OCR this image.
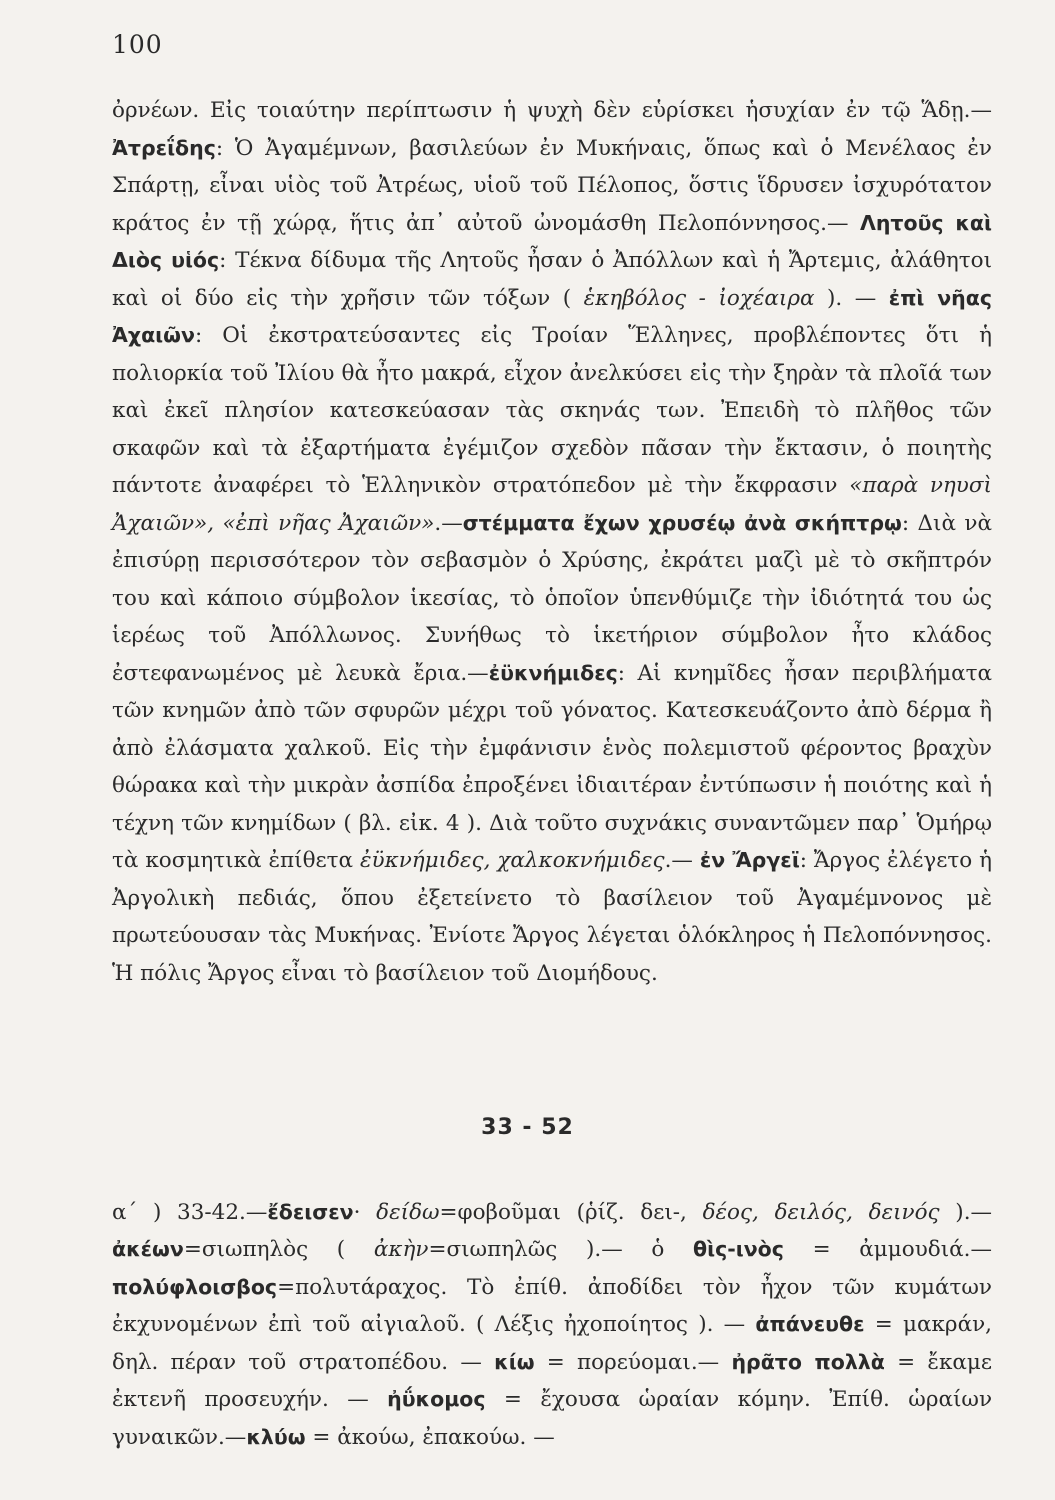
100

ὀρνέων. Εἰς τοιαύτην περίπτωσιν ἡ ψυχὴ δὲν εὑρίσκει ἡσυχίαν ἐν τῷ Ἅδῃ.—Ἀτρεΐδης: Ὁ Ἀγαμέμνων, βασιλεύων ἐν Μυκήναις, ὅπως καὶ ὁ Μενέλαος ἐν Σπάρτῃ, εἶναι υἱὸς τοῦ Ἀτρέως, υἱοῦ τοῦ Πέλοπος, ὅστις ἵδρυσεν ἰσχυρότατον κράτος ἐν τῇ χώρᾳ, ἥτις ἀπ᾽ αὐτοῦ ὠνομάσθη Πελοπόννησος.— Λητοῦς καὶ Διὸς υἱός: Τέκνα δίδυμα τῆς Λητοῦς ἦσαν ὁ Ἀπόλλων καὶ ἡ Ἄρτεμις, ἀλάθητοι καὶ οἱ δύο εἰς τὴν χρῆσιν τῶν τόξων ( ἑκηβόλος - ἰοχέαιρα ). — ἐπὶ νῆας Ἀχαιῶν: Οἱ ἐκστρατεύσαντες εἰς Τροίαν Ἕλληνες, προβλέποντες ὅτι ἡ πολιορκία τοῦ Ἰλίου θὰ ἦτο μακρά, εἶχον ἀνελκύσει εἰς τὴν ξηρὰν τὰ πλοῖά των καὶ ἐκεῖ πλησίον κατεσκεύασαν τὰς σκηνάς των. Ἐπειδὴ τὸ πλῆθος τῶν σκαφῶν καὶ τὰ ἐξαρτήματα ἐγέμιζον σχεδὸν πᾶσαν τὴν ἔκτασιν, ὁ ποιητὴς πάντοτε ἀναφέρει τὸ Ἑλληνικὸν στρατόπεδον μὲ τὴν ἔκφρασιν «παρὰ νηυσὶ Ἀχαιῶν», «ἐπὶ νῆας Ἀχαιῶν».—στέμματα ἔχων χρυσέῳ ἀνὰ σκήπτρῳ: Διὰ νὰ ἐπισύρῃ περισσότερον τὸν σεβασμὸν ὁ Χρύσης, ἐκράτει μαζὶ μὲ τὸ σκῆπτρόν του καὶ κάποιο σύμβολον ἱκεσίας, τὸ ὁποῖον ὑπενθύμιζε τὴν ἰδιότητά του ὡς ἱερέως τοῦ Ἀπόλλωνος. Συνήθως τὸ ἱκετήριον σύμβολον ἦτο κλάδος ἐστεφανωμένος μὲ λευκὰ ἔρια.—ἐϋκνήμιδες: Αἱ κνημῖδες ἦσαν περιβλήματα τῶν κνημῶν ἀπὸ τῶν σφυρῶν μέχρι τοῦ γόνατος. Κατεσκευάζοντο ἀπὸ δέρμα ἢ ἀπὸ ἐλάσματα χαλκοῦ. Εἰς τὴν ἐμφάνισιν ἑνὸς πολεμιστοῦ φέροντος βραχὺν θώρακα καὶ τὴν μικρὰν ἀσπίδα ἐπροξένει ἰδιαιτέραν ἐντύπωσιν ἡ ποιότης καὶ ἡ τέχνη τῶν κνημίδων ( βλ. εἰκ. 4 ). Διὰ τοῦτο συχνάκις συναντῶμεν παρ᾽ Ὁμήρῳ τὰ κοσμητικὰ ἐπίθετα ἐϋκνήμιδες, χαλκοκνήμιδες.— ἐν Ἄργεϊ: Ἄργος ἐλέγετο ἡ Ἀργολικὴ πεδιάς, ὅπου ἐξετείνετο τὸ βασίλειον τοῦ Ἀγαμέμνονος μὲ πρωτεύουσαν τὰς Μυκήνας. Ἐνίοτε Ἄργος λέγεται ὁλόκληρος ἡ Πελοπόννησος. Ἡ πόλις Ἄργος εἶναι τὸ βασίλειον τοῦ Διομήδους.

33 - 52

α´ ) 33-42.—ἔδεισεν· δείδω=φοβοῦμαι (ῥίζ. δει-, δέος, δειλός, δεινός ).—ἀκέων=σιωπηλὸς ( ἀκὴν=σιωπηλῶς ).— ὁ θὶς-ινὸς = ἀμμουδιά.—πολύφλοισβος=πολυτάραχος. Τὸ ἐπίθ. ἀποδίδει τὸν ἦχον τῶν κυμάτων ἐκχυνομένων ἐπὶ τοῦ αἰγιαλοῦ. ( Λέξις ἠχοποίητος ). — ἀπάνευθε = μακράν, δηλ. πέραν τοῦ στρατοπέδου. — κίω = πορεύομαι.— ἠρᾶτο πολλὰ = ἔκαμε ἐκτενῆ προσευχήν. — ἠΰκομος = ἔχουσα ὡραίαν κόμην. Ἐπίθ. ὡραίων γυναικῶν.—κλύω = ἀκούω, ἐπακούω. —
